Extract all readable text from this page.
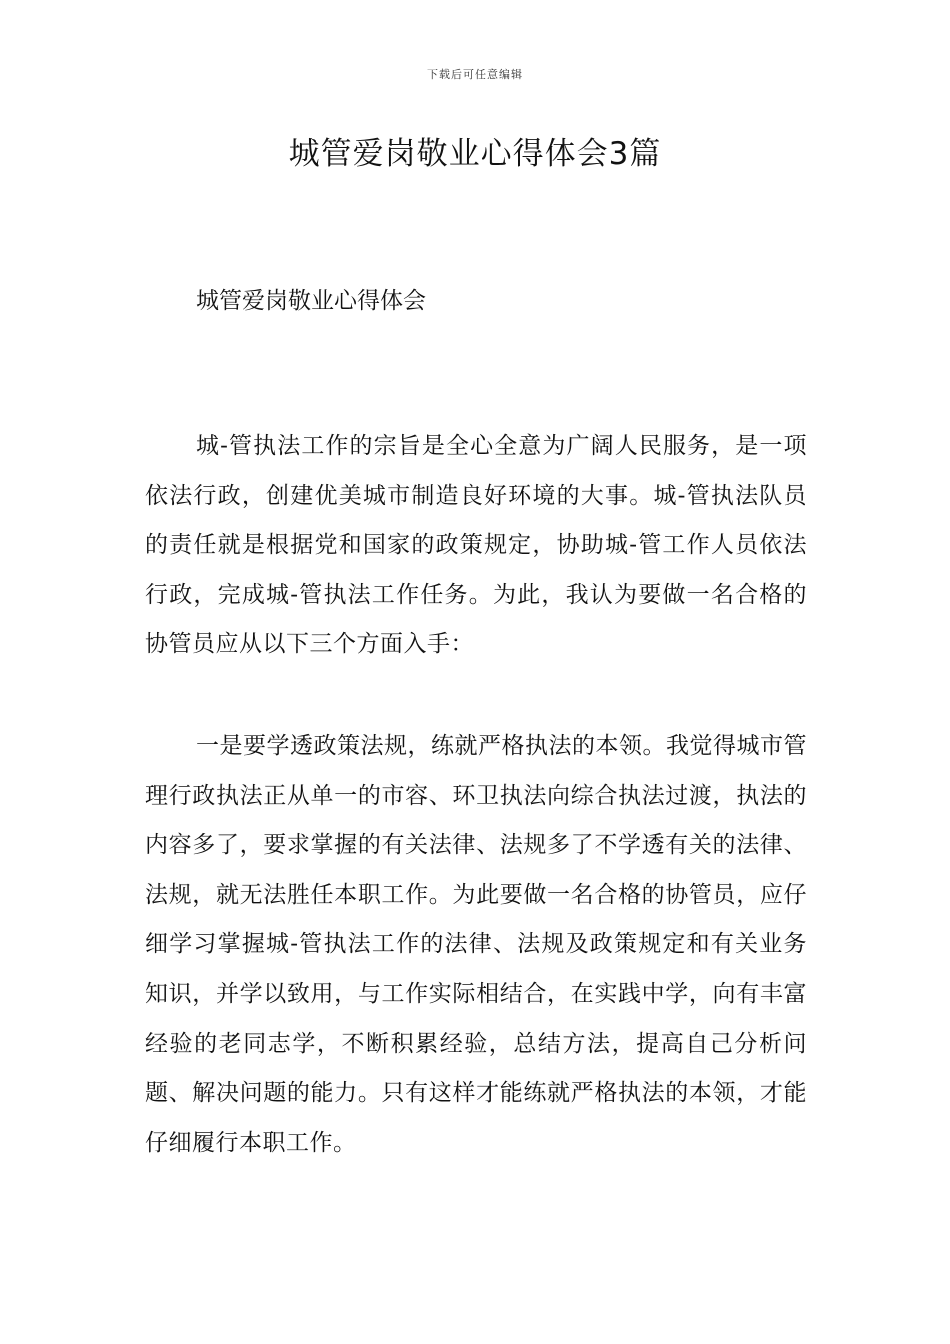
下载后可任意编辑
城管爱岗敬业心得体会3篇
城管爱岗敬业心得体会

城-管执法工作的宗旨是全心全意为广阔人民服务，是一项依法行政，创建优美城市制造良好环境的大事。城-管执法队员的责任就是根据党和国家的政策规定，协助城-管工作人员依法行政，完成城-管执法工作任务。为此，我认为要做一名合格的协管员应从以下三个方面入手：

一是要学透政策法规，练就严格执法的本领。我觉得城市管理行政执法正从单一的市容、环卫执法向综合执法过渡，执法的内容多了，要求掌握的有关法律、法规多了不学透有关的法律、法规，就无法胜任本职工作。为此要做一名合格的协管员，应仔细学习掌握城-管执法工作的法律、法规及政策规定和有关业务知识，并学以致用，与工作实际相结合，在实践中学，向有丰富经验的老同志学，不断积累经验，总结方法，提高自己分析问题、解决问题的能力。只有这样才能练就严格执法的本领，才能仔细履行本职工作。
